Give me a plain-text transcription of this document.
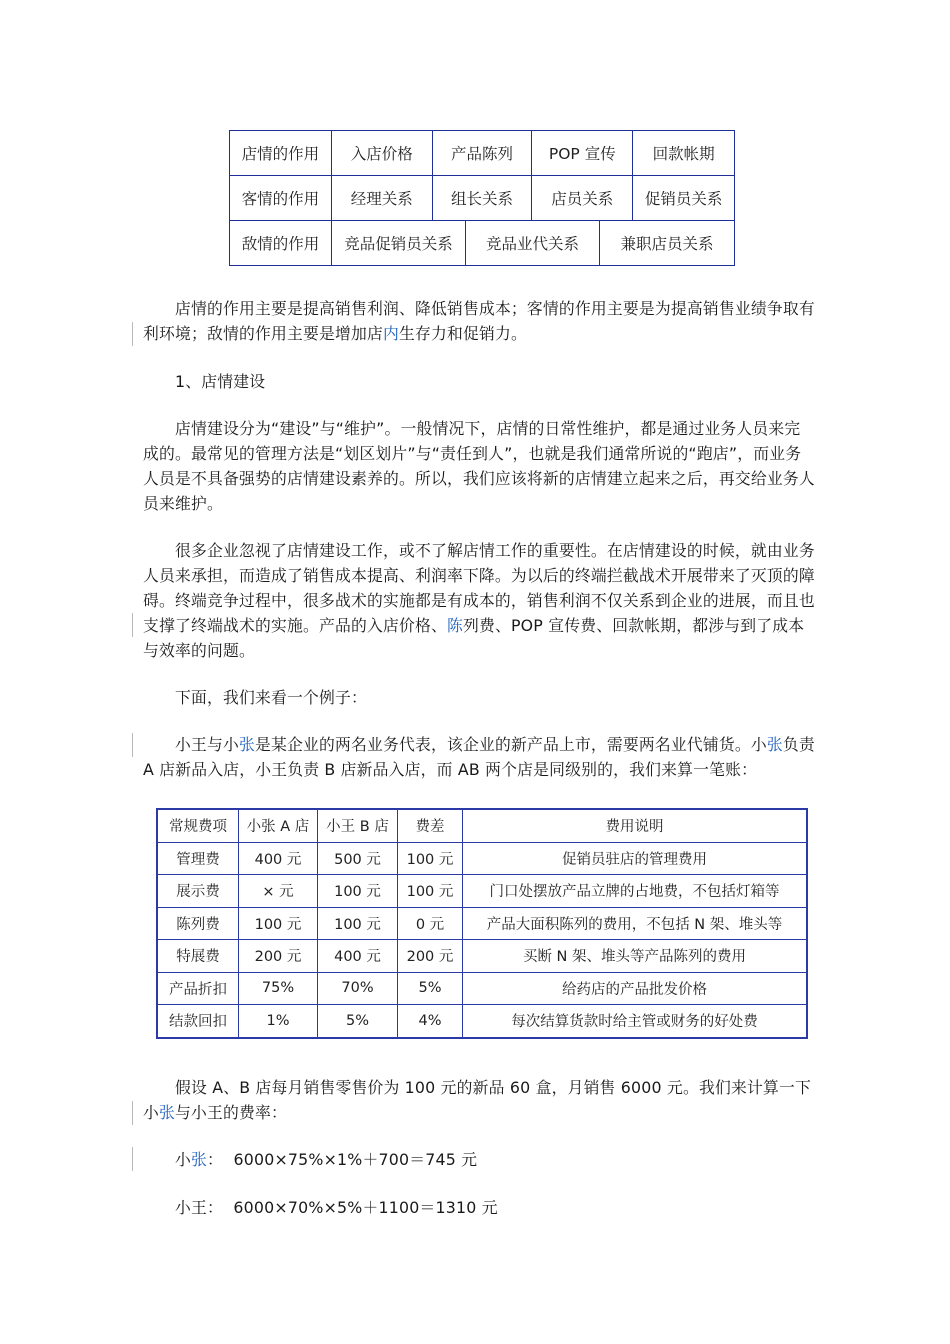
店情的作用	入店价格	产品陈列	POP 宣传	回款帐期
客情的作用	经理关系	组长关系	店员关系	促销员关系
敌情的作用	竞品促销员关系	竞品业代关系	兼职店员关系

店情的作用主要是提高销售利润、降低销售成本；客情的作用主要是为提高销售业绩争取有利环境；敌情的作用主要是增加店内生存力和促销力。

1、店情建设

店情建设分为“建设”与“维护”。一般情况下，店情的日常性维护，都是通过业务人员来完成的。最常见的管理方法是“划区划片”与“责任到人”，也就是我们通常所说的“跑店”，而业务人员是不具备强势的店情建设素养的。所以，我们应该将新的店情建立起来之后，再交给业务人员来维护。

很多企业忽视了店情建设工作，或不了解店情工作的重要性。在店情建设的时候，就由业务人员来承担，而造成了销售成本提高、利润率下降。为以后的终端拦截战术开展带来了灭顶的障碍。终端竞争过程中，很多战术的实施都是有成本的，销售利润不仅关系到企业的进展，而且也支撑了终端战术的实施。产品的入店价格、陈列费、POP 宣传费、回款帐期，都涉与到了成本与效率的问题。

下面，我们来看一个例子：

小王与小张是某企业的两名业务代表，该企业的新产品上市，需要两名业代铺货。小张负责 A 店新品入店，小王负责 B 店新品入店，而 AB 两个店是同级别的，我们来算一笔账：

常规费项	小张 A 店	小王 B 店	费差	费用说明
管理费	400 元	500 元	100 元	促销员驻店的管理费用
展示费	× 元	100 元	100 元	门口处摆放产品立牌的占地费，不包括灯箱等
陈列费	100 元	100 元	0 元	产品大面积陈列的费用，不包括 N 架、堆头等
特展费	200 元	400 元	200 元	买断 N 架、堆头等产品陈列的费用
产品折扣	75%	70%	5%	给药店的产品批发价格
结款回扣	1%	5%	4%	每次结算货款时给主管或财务的好处费

假设 A、B 店每月销售零售价为 100 元的新品 60 盒，月销售 6000 元。我们来计算一下小张与小王的费率：

小张：  6000×75%×1%＋700＝745 元

小王：  6000×70%×5%＋1100＝1310 元
